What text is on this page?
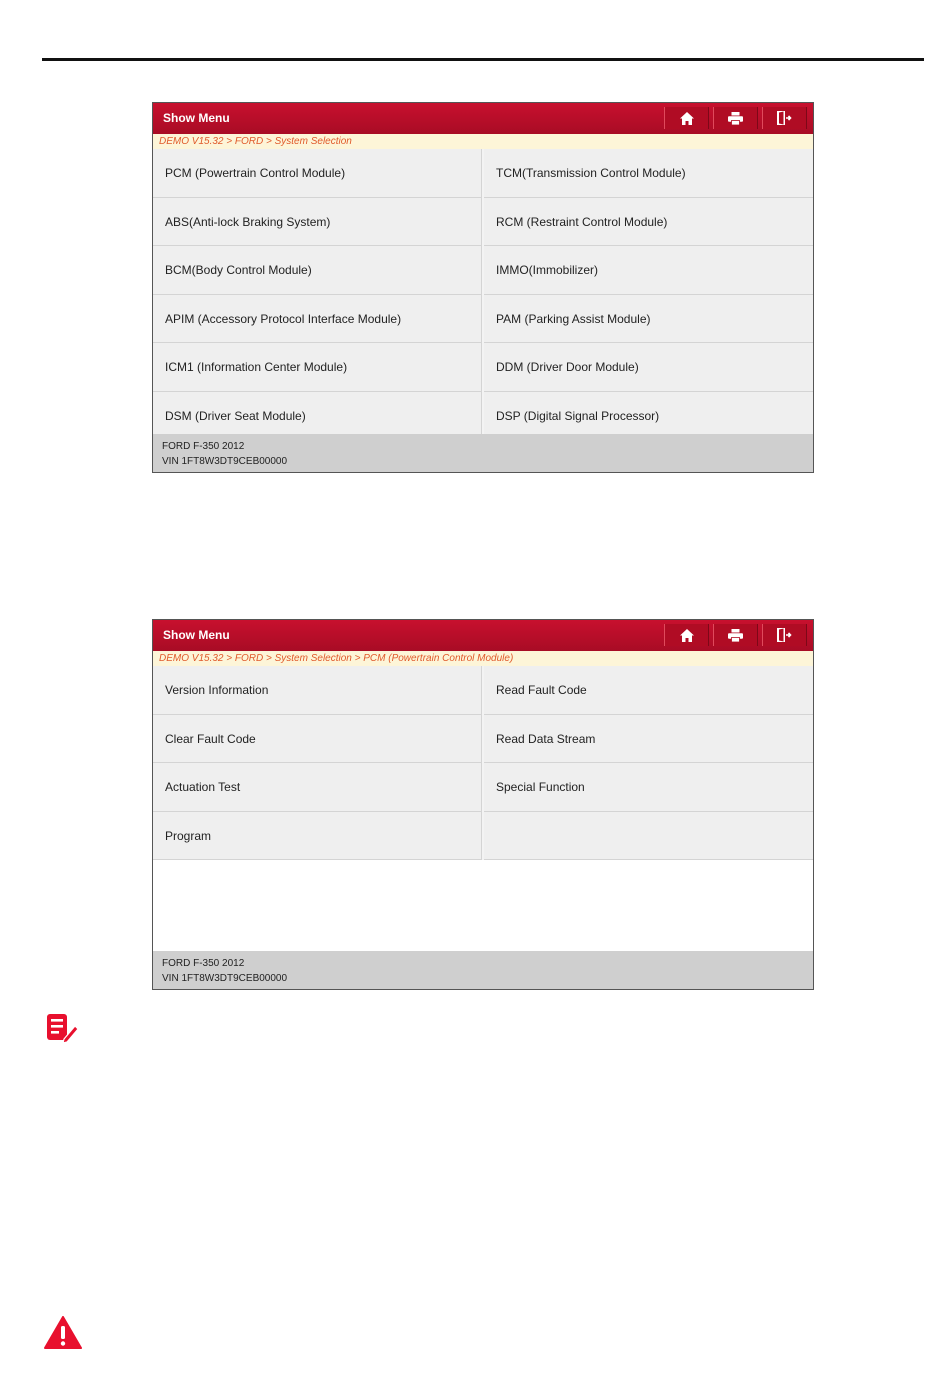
Show Menu
DEMO V15.32 > FORD > System Selection
PCM (Powertrain Control Module)	TCM(Transmission Control Module)
ABS(Anti-lock Braking System)	RCM (Restraint Control Module)
BCM(Body Control Module)	IMMO(Immobilizer)
APIM (Accessory Protocol Interface Module)	PAM (Parking Assist Module)
ICM1 (Information Center Module)	DDM (Driver Door Module)
DSM (Driver Seat Module)	DSP (Digital Signal Processor)
FORD F-350 2012
VIN 1FT8W3DT9CEB00000
Show Menu
DEMO V15.32 > FORD > System Selection > PCM (Powertrain Control Module)
Version Information	Read Fault Code
Clear Fault Code	Read Data Stream
Actuation Test	Special Function
Program
FORD F-350 2012
VIN 1FT8W3DT9CEB00000
